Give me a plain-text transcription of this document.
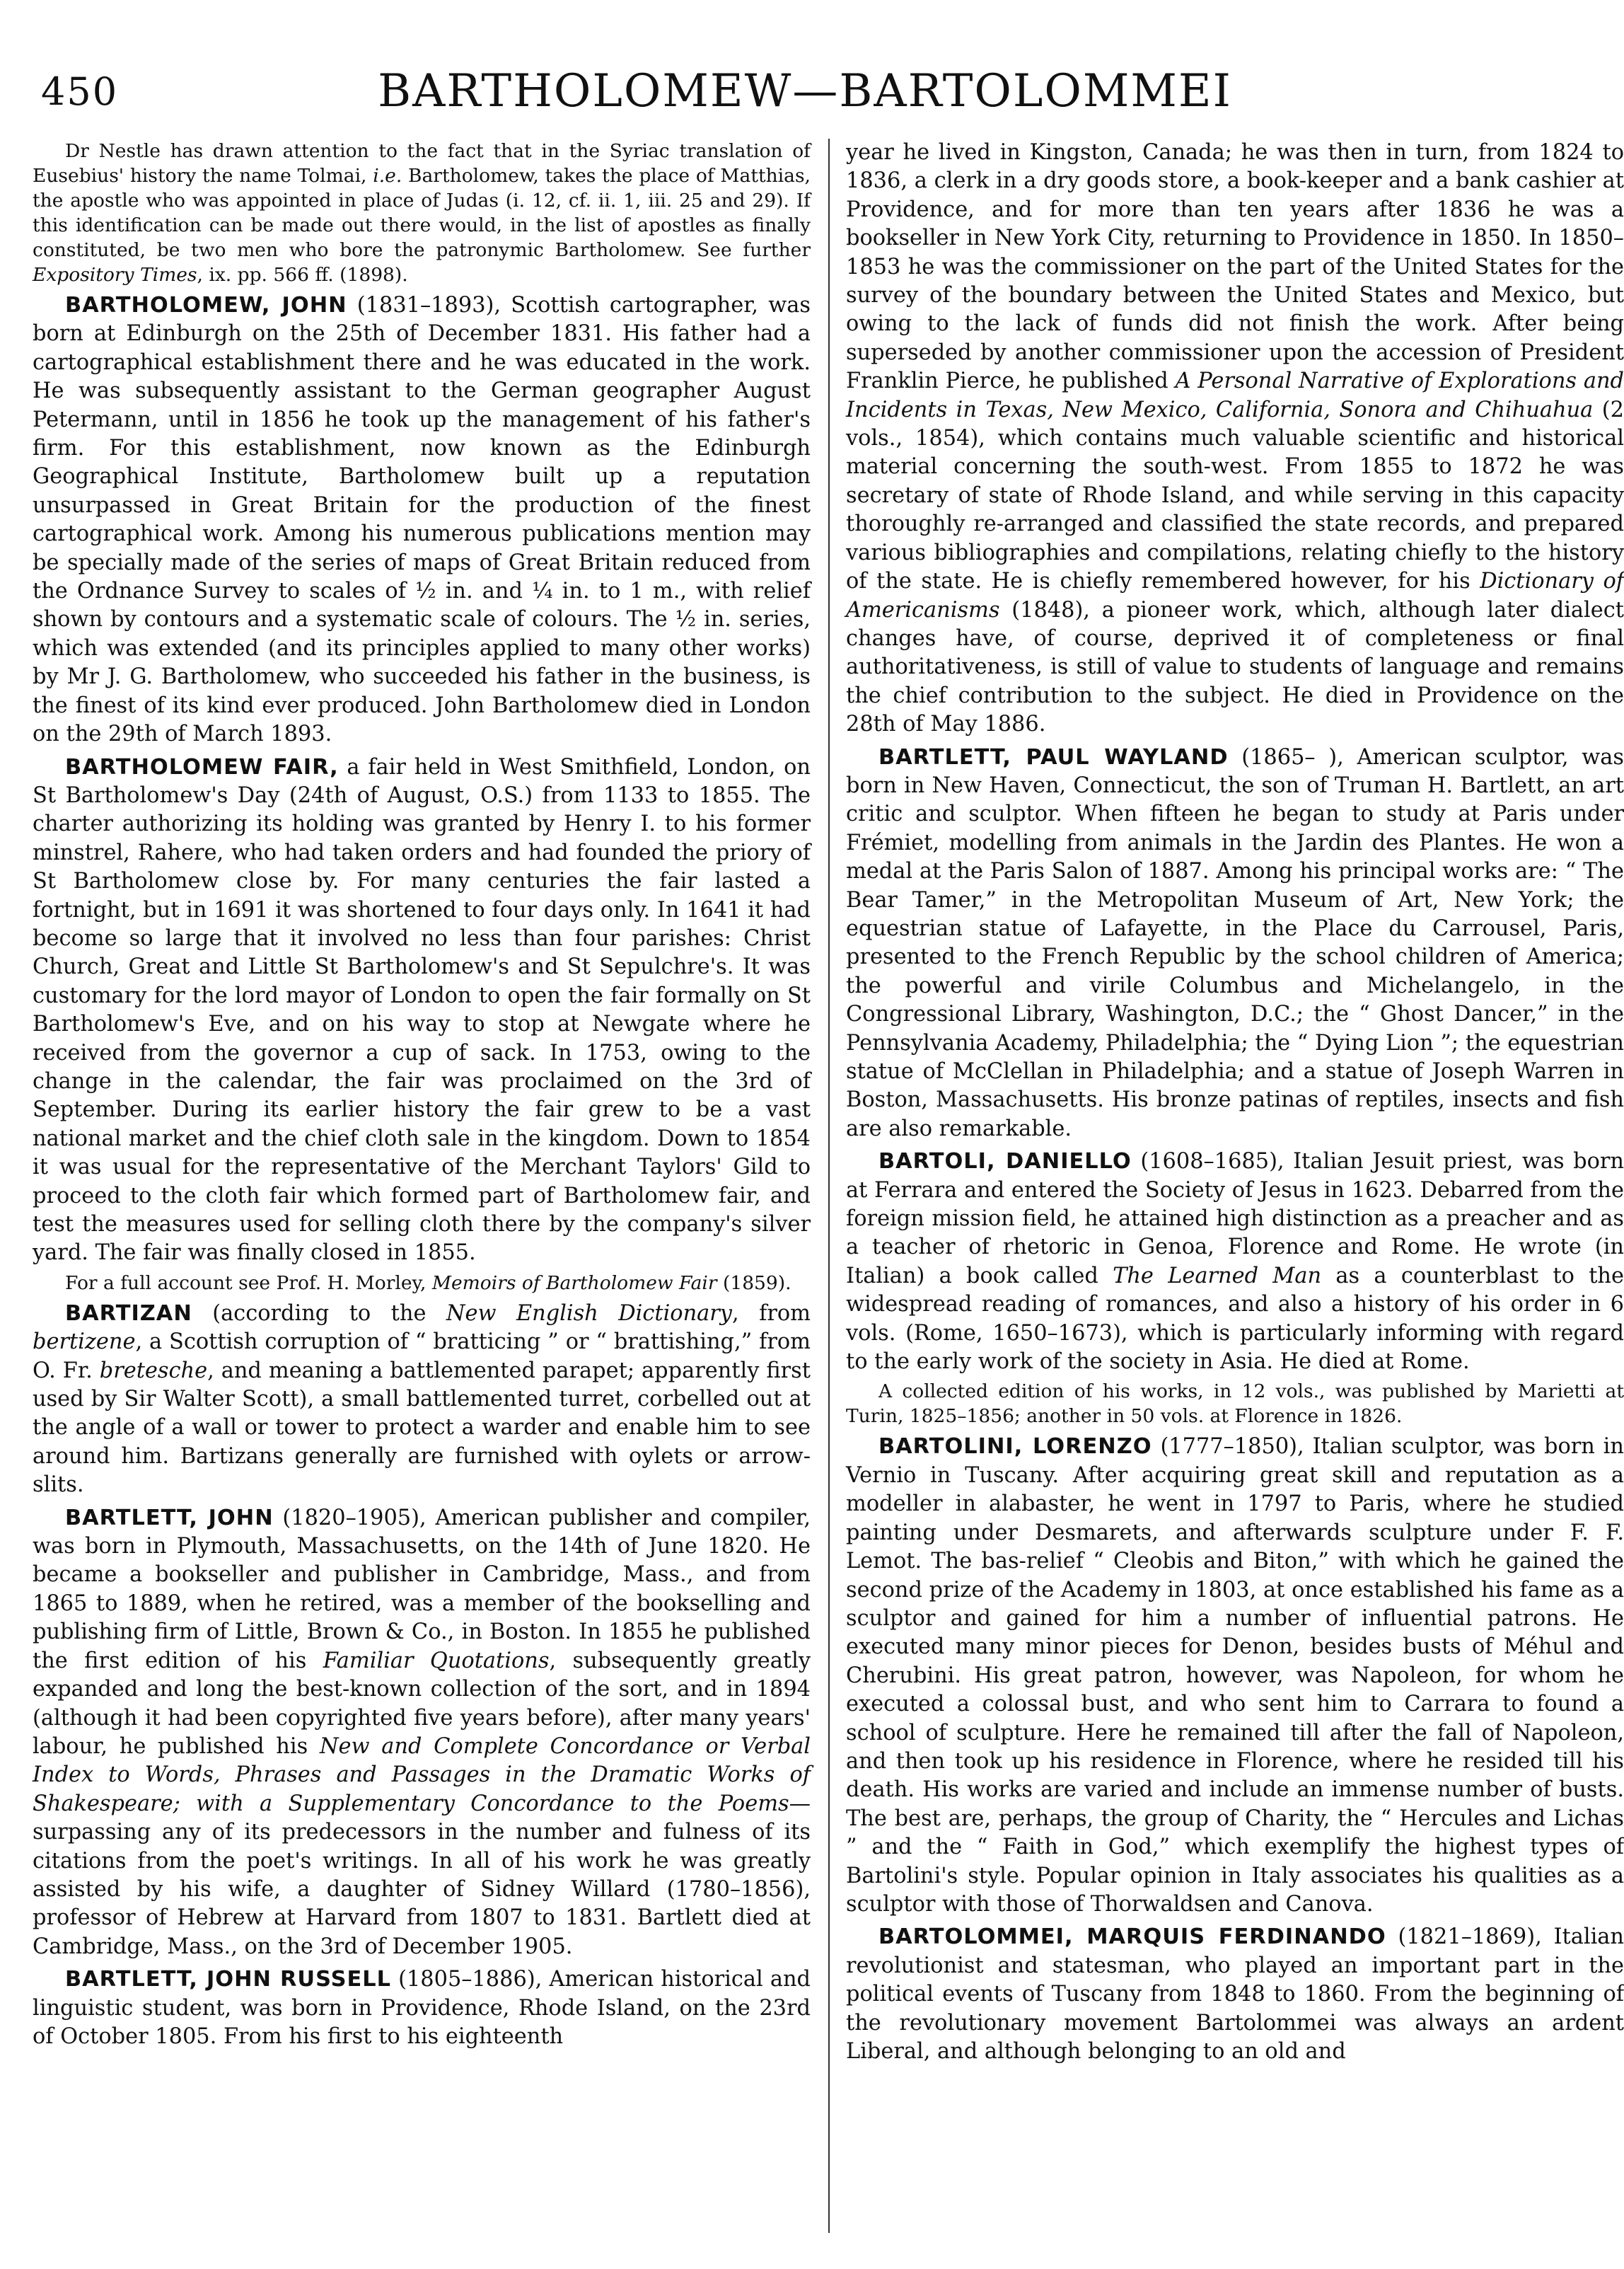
450	BARTHOLOMEW—BARTOLOMMEI

Dr Nestle has drawn attention to the fact that in the Syriac translation of Eusebius' history the name Tolmai, i.e. Bartholomew, takes the place of Matthias, the apostle who was appointed in place of Judas (i. 12, cf. ii. 1, iii. 25 and 29). If this identification can be made out there would, in the list of apostles as finally constituted, be two men who bore the patronymic Bartholomew. See further Expository Times, ix. pp. 566 ff. (1898).

BARTHOLOMEW, JOHN (1831–1893), Scottish cartographer, was born at Edinburgh on the 25th of December 1831. His father had a cartographical establishment there and he was educated in the work. He was subsequently assistant to the German geographer August Petermann, until in 1856 he took up the management of his father's firm. For this establishment, now known as the Edinburgh Geographical Institute, Bartholomew built up a reputation unsurpassed in Great Britain for the production of the finest cartographical work. Among his numerous publications mention may be specially made of the series of maps of Great Britain reduced from the Ordnance Survey to scales of ½ in. and ¼ in. to 1 m., with relief shown by contours and a systematic scale of colours. The ½ in. series, which was extended (and its principles applied to many other works) by Mr J. G. Bartholomew, who succeeded his father in the business, is the finest of its kind ever produced. John Bartholomew died in London on the 29th of March 1893.

BARTHOLOMEW FAIR, a fair held in West Smithfield, London, on St Bartholomew's Day (24th of August, O.S.) from 1133 to 1855. The charter authorizing its holding was granted by Henry I. to his former minstrel, Rahere, who had taken orders and had founded the priory of St Bartholomew close by. For many centuries the fair lasted a fortnight, but in 1691 it was shortened to four days only. In 1641 it had become so large that it involved no less than four parishes: Christ Church, Great and Little St Bartholomew's and St Sepulchre's. It was customary for the lord mayor of London to open the fair formally on St Bartholomew's Eve, and on his way to stop at Newgate where he received from the governor a cup of sack. In 1753, owing to the change in the calendar, the fair was proclaimed on the 3rd of September. During its earlier history the fair grew to be a vast national market and the chief cloth sale in the kingdom. Down to 1854 it was usual for the representative of the Merchant Taylors' Gild to proceed to the cloth fair which formed part of Bartholomew fair, and test the measures used for selling cloth there by the company's silver yard. The fair was finally closed in 1855.

For a full account see Prof. H. Morley, Memoirs of Bartholomew Fair (1859).

BARTIZAN (according to the New English Dictionary, from bertizene, a Scottish corruption of “ bratticing ” or “ brattishing,” from O. Fr. bretesche, and meaning a battlemented parapet; apparently first used by Sir Walter Scott), a small battlemented turret, corbelled out at the angle of a wall or tower to protect a warder and enable him to see around him. Bartizans generally are furnished with oylets or arrow-slits.

BARTLETT, JOHN (1820–1905), American publisher and compiler, was born in Plymouth, Massachusetts, on the 14th of June 1820. He became a bookseller and publisher in Cambridge, Mass., and from 1865 to 1889, when he retired, was a member of the bookselling and publishing firm of Little, Brown & Co., in Boston. In 1855 he published the first edition of his Familiar Quotations, subsequently greatly expanded and long the best-known collection of the sort, and in 1894 (although it had been copyrighted five years before), after many years' labour, he published his New and Complete Concordance or Verbal Index to Words, Phrases and Passages in the Dramatic Works of Shakespeare; with a Supplementary Concordance to the Poems—surpassing any of its predecessors in the number and fulness of its citations from the poet's writings. In all of his work he was greatly assisted by his wife, a daughter of Sidney Willard (1780–1856), professor of Hebrew at Harvard from 1807 to 1831. Bartlett died at Cambridge, Mass., on the 3rd of December 1905.

BARTLETT, JOHN RUSSELL (1805–1886), American historical and linguistic student, was born in Providence, Rhode Island, on the 23rd of October 1805. From his first to his eighteenth

year he lived in Kingston, Canada; he was then in turn, from 1824 to 1836, a clerk in a dry goods store, a book-keeper and a bank cashier at Providence, and for more than ten years after 1836 he was a bookseller in New York City, returning to Providence in 1850. In 1850–1853 he was the commissioner on the part of the United States for the survey of the boundary between the United States and Mexico, but owing to the lack of funds did not finish the work. After being superseded by another commissioner upon the accession of President Franklin Pierce, he published A Personal Narrative of Explorations and Incidents in Texas, New Mexico, California, Sonora and Chihuahua (2 vols., 1854), which contains much valuable scientific and historical material concerning the south-west. From 1855 to 1872 he was secretary of state of Rhode Island, and while serving in this capacity thoroughly re-arranged and classified the state records, and prepared various bibliographies and compilations, relating chiefly to the history of the state. He is chiefly remembered however, for his Dictionary of Americanisms (1848), a pioneer work, which, although later dialect changes have, of course, deprived it of completeness or final authoritativeness, is still of value to students of language and remains the chief contribution to the subject. He died in Providence on the 28th of May 1886.

BARTLETT, PAUL WAYLAND (1865– ), American sculptor, was born in New Haven, Connecticut, the son of Truman H. Bartlett, an art critic and sculptor. When fifteen he began to study at Paris under Frémiet, modelling from animals in the Jardin des Plantes. He won a medal at the Paris Salon of 1887. Among his principal works are: “ The Bear Tamer,” in the Metropolitan Museum of Art, New York; the equestrian statue of Lafayette, in the Place du Carrousel, Paris, presented to the French Republic by the school children of America; the powerful and virile Columbus and Michelangelo, in the Congressional Library, Washington, D.C.; the “ Ghost Dancer,” in the Pennsylvania Academy, Philadelphia; the “ Dying Lion ”; the equestrian statue of McClellan in Philadelphia; and a statue of Joseph Warren in Boston, Massachusetts. His bronze patinas of reptiles, insects and fish are also remarkable.

BARTOLI, DANIELLO (1608–1685), Italian Jesuit priest, was born at Ferrara and entered the Society of Jesus in 1623. Debarred from the foreign mission field, he attained high distinction as a preacher and as a teacher of rhetoric in Genoa, Florence and Rome. He wrote (in Italian) a book called The Learned Man as a counterblast to the widespread reading of romances, and also a history of his order in 6 vols. (Rome, 1650–1673), which is particularly informing with regard to the early work of the society in Asia. He died at Rome.

A collected edition of his works, in 12 vols., was published by Marietti at Turin, 1825–1856; another in 50 vols. at Florence in 1826.

BARTOLINI, LORENZO (1777–1850), Italian sculptor, was born in Vernio in Tuscany. After acquiring great skill and reputation as a modeller in alabaster, he went in 1797 to Paris, where he studied painting under Desmarets, and afterwards sculpture under F. F. Lemot. The bas-relief “ Cleobis and Biton,” with which he gained the second prize of the Academy in 1803, at once established his fame as a sculptor and gained for him a number of influential patrons. He executed many minor pieces for Denon, besides busts of Méhul and Cherubini. His great patron, however, was Napoleon, for whom he executed a colossal bust, and who sent him to Carrara to found a school of sculpture. Here he remained till after the fall of Napoleon, and then took up his residence in Florence, where he resided till his death. His works are varied and include an immense number of busts. The best are, perhaps, the group of Charity, the “ Hercules and Lichas ” and the “ Faith in God,” which exemplify the highest types of Bartolini's style. Popular opinion in Italy associates his qualities as a sculptor with those of Thorwaldsen and Canova.

BARTOLOMMEI, MARQUIS FERDINANDO (1821–1869), Italian revolutionist and statesman, who played an important part in the political events of Tuscany from 1848 to 1860. From the beginning of the revolutionary movement Bartolommei was always an ardent Liberal, and although belonging to an old and
